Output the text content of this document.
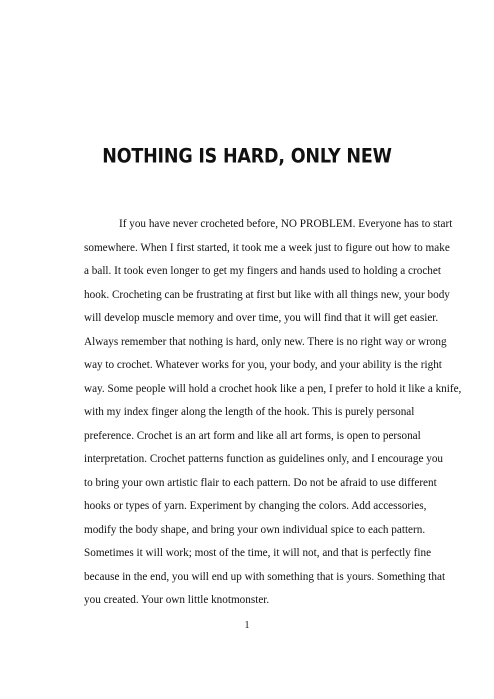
NOTHING IS HARD, ONLY NEW
If you have never crocheted before, NO PROBLEM. Everyone has to start
somewhere. When I first started, it took me a week just to figure out how to make
a ball. It took even longer to get my fingers and hands used to holding a crochet
hook. Crocheting can be frustrating at first but like with all things new, your body
will develop muscle memory and over time, you will find that it will get easier.
Always remember that nothing is hard, only new. There is no right way or wrong
way to crochet. Whatever works for you, your body, and your ability is the right
way. Some people will hold a crochet hook like a pen, I prefer to hold it like a knife,
with my index finger along the length of the hook. This is purely personal
preference. Crochet is an art form and like all art forms, is open to personal
interpretation. Crochet patterns function as guidelines only, and I encourage you
to bring your own artistic flair to each pattern. Do not be afraid to use different
hooks or types of yarn. Experiment by changing the colors. Add accessories,
modify the body shape, and bring your own individual spice to each pattern.
Sometimes it will work; most of the time, it will not, and that is perfectly fine
because in the end, you will end up with something that is yours. Something that
you created. Your own little knotmonster.
1
